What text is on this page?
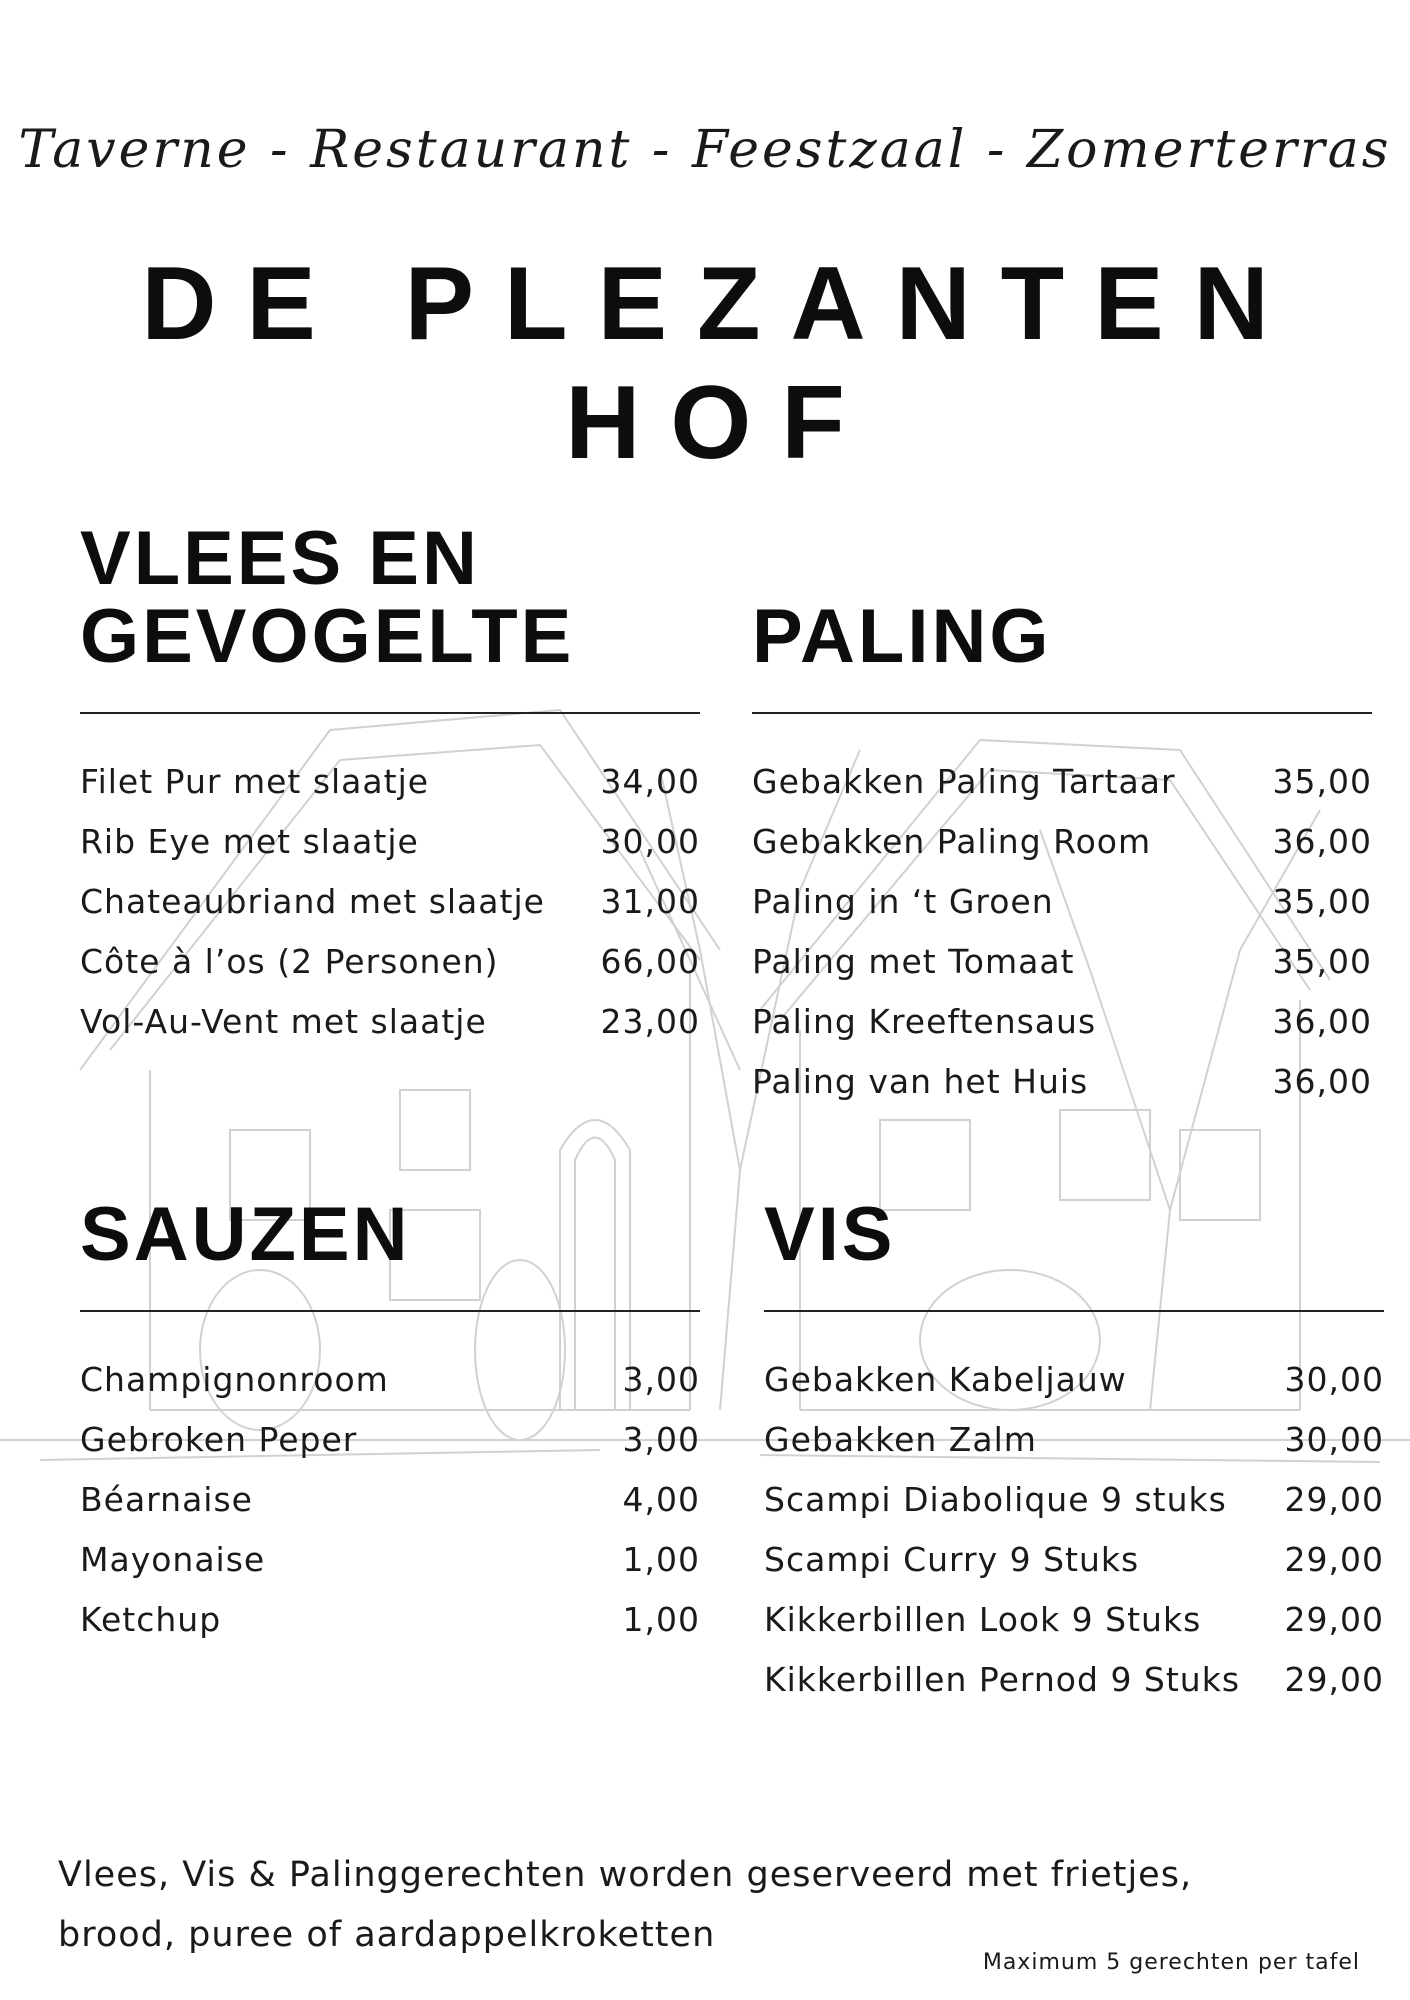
Taverne - Restaurant - Feestzaal - Zomerterras
DE PLEZANTEN HOF
VLEES EN
GEVOGELTE
Filet Pur met slaatje	34,00
Rib Eye met slaatje	30,00
Chateaubriand met slaatje 31,00
Côte à l’os (2 Personen)	66,00
Vol-Au-Vent met slaatje	23,00
PALING
Gebakken Paling Tartaar	35,00
Gebakken Paling Room	36,00
Paling in ‘t Groen	35,00
Paling met Tomaat	35,00
Paling Kreeftensaus	36,00
Paling van het Huis	36,00
SAUZEN
Champignonroom	3,00
Gebroken Peper	3,00
Béarnaise	4,00
Mayonaise	1,00
Ketchup	1,00
VIS
Gebakken Kabeljauw	30,00
Gebakken Zalm	30,00
Scampi Diabolique 9 stuks 29,00
Scampi Curry 9 Stuks	29,00
Kikkerbillen Look 9 Stuks	29,00
Kikkerbillen Pernod 9 Stuks 29,00
Vlees, Vis & Palinggerechten worden geserveerd met frietjes,
brood, puree of aardappelkroketten
Maximum 5 gerechten per tafel
